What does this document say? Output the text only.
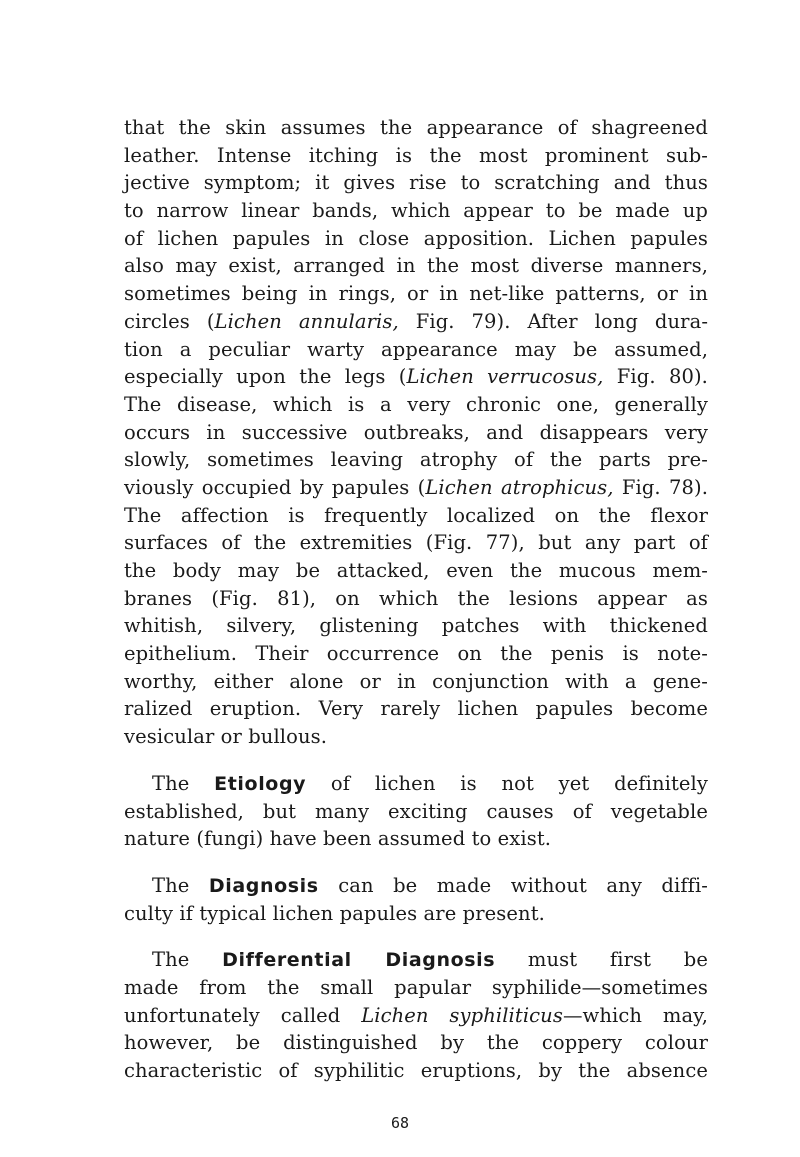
that the skin assumes the appearance of shagreened
leather. Intense itching is the most prominent sub-
jective symptom; it gives rise to scratching and thus
to narrow linear bands, which appear to be made up
of lichen papules in close apposition. Lichen papules
also may exist, arranged in the most diverse manners,
sometimes being in rings, or in net-like patterns, or in
circles (Lichen annularis, Fig. 79). After long dura-
tion a peculiar warty appearance may be assumed,
especially upon the legs (Lichen verrucosus, Fig. 80).
The disease, which is a very chronic one, generally
occurs in successive outbreaks, and disappears very
slowly, sometimes leaving atrophy of the parts pre-
viously occupied by papules (Lichen atrophicus, Fig. 78).
The affection is frequently localized on the flexor
surfaces of the extremities (Fig. 77), but any part of
the body may be attacked, even the mucous mem-
branes (Fig. 81), on which the lesions appear as
whitish, silvery, glistening patches with thickened
epithelium. Their occurrence on the penis is note-
worthy, either alone or in conjunction with a gene-
ralized eruption. Very rarely lichen papules become
vesicular or bullous.
The Etiology of lichen is not yet definitely
established, but many exciting causes of vegetable
nature (fungi) have been assumed to exist.
The Diagnosis can be made without any diffi-
culty if typical lichen papules are present.
The Differential Diagnosis must first be
made from the small papular syphilide—sometimes
unfortunately called Lichen syphiliticus—which may,
however, be distinguished by the coppery colour
characteristic of syphilitic eruptions, by the absence
68
